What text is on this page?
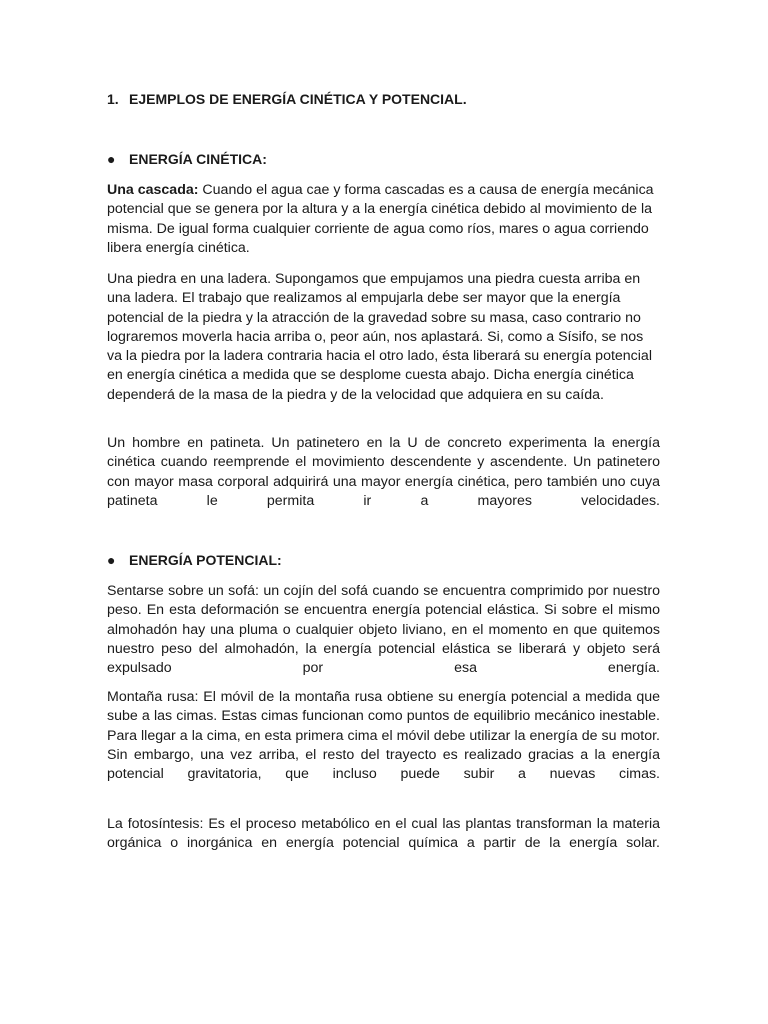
1. EJEMPLOS DE ENERGÍA CINÉTICA Y POTENCIAL.
● ENERGÍA CINÉTICA:

Una cascada: Cuando el agua cae y forma cascadas es a causa de energía mecánica potencial que se genera por la altura y a la energía cinética debido al movimiento de la misma. De igual forma cualquier corriente de agua como ríos, mares o agua corriendo libera energía cinética.

Una piedra en una ladera. Supongamos que empujamos una piedra cuesta arriba en una ladera. El trabajo que realizamos al empujarla debe ser mayor que la energía potencial de la piedra y la atracción de la gravedad sobre su masa, caso contrario no lograremos moverla hacia arriba o, peor aún, nos aplastará. Si, como a Sísifo, se nos va la piedra por la ladera contraria hacia el otro lado, ésta liberará su energía potencial en energía cinética a medida que se desplome cuesta abajo. Dicha energía cinética dependerá de la masa de la piedra y de la velocidad que adquiera en su caída.

Un hombre en patineta. Un patinetero en la U de concreto experimenta la energía cinética cuando reemprende el movimiento descendente y ascendente. Un patinetero con mayor masa corporal adquirirá una mayor energía cinética, pero también uno cuya patineta le permita ir a mayores velocidades.

● ENERGÍA POTENCIAL:

Sentarse sobre un sofá: un cojín del sofá cuando se encuentra comprimido por nuestro peso. En esta deformación se encuentra energía potencial elástica. Si sobre el mismo almohadón hay una pluma o cualquier objeto liviano, en el momento en que quitemos nuestro peso del almohadón, la energía potencial elástica se liberará y objeto será expulsado por esa energía.

Montaña rusa: El móvil de la montaña rusa obtiene su energía potencial a medida que sube a las cimas. Estas cimas funcionan como puntos de equilibrio mecánico inestable. Para llegar a la cima, en esta primera cima el móvil debe utilizar la energía de su motor. Sin embargo, una vez arriba, el resto del trayecto es realizado gracias a la energía potencial gravitatoria, que incluso puede subir a nuevas cimas.

La fotosíntesis: Es el proceso metabólico en el cual las plantas transforman la materia orgánica o inorgánica en energía potencial química a partir de la energía solar.
